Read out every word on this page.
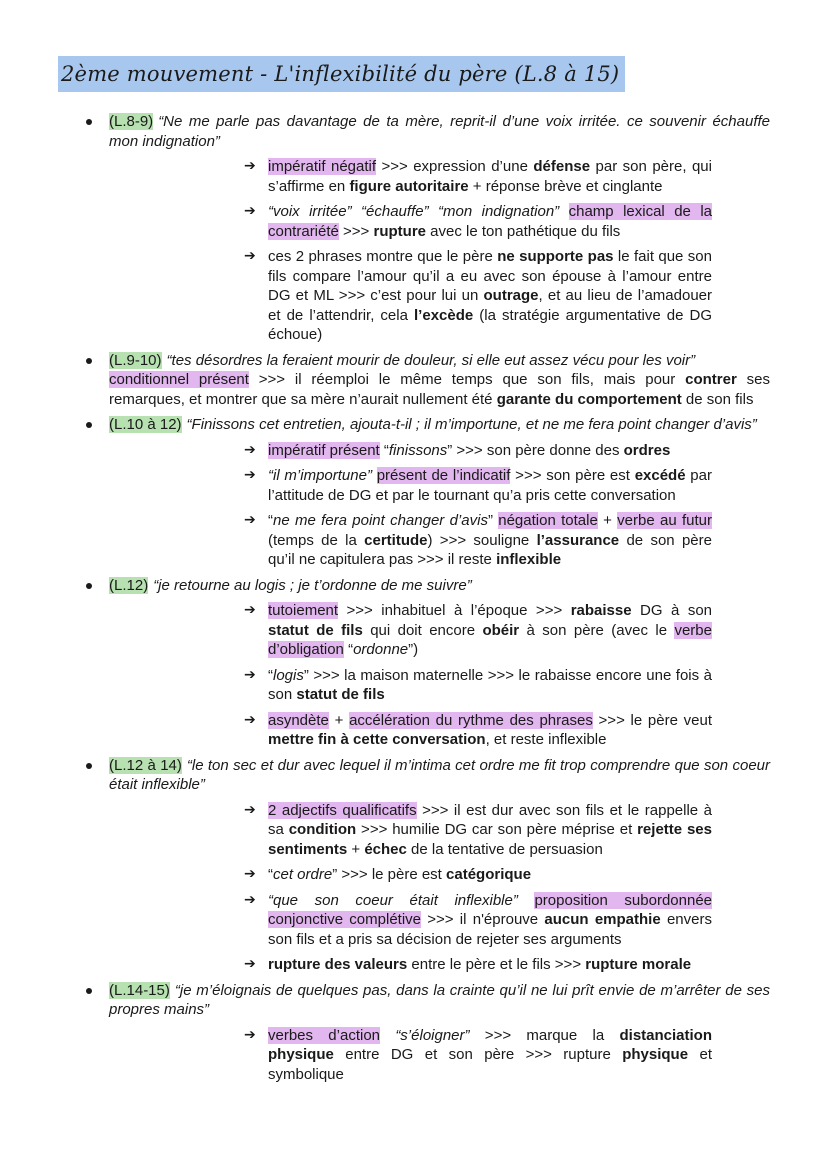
2ème mouvement - L'inflexibilité du père (L.8 à 15)
(L.8-9) “Ne me parle pas davantage de ta mère, reprit-il d’une voix irritée. ce souvenir échauffe mon indignation”
➔ impératif négatif >>> expression d’une défense par son père, qui s’affirme en figure autoritaire + réponse brève et cinglante
➔ “voix irritée” “échauffe” “mon indignation” champ lexical de la contrariété >>> rupture avec le ton pathétique du fils
➔ ces 2 phrases montre que le père ne supporte pas le fait que son fils compare l’amour qu’il a eu avec son épouse à l’amour entre DG et ML >>> c’est pour lui un outrage, et au lieu de l’amadouer et de l’attendrir, cela l’excède (la stratégie argumentative de DG échoue)
(L.9-10) “tes désordres la feraient mourir de douleur, si elle eut assez vécu pour les voir”
conditionnel présent >>> il réemploi le même temps que son fils, mais pour contrer ses remarques, et montrer que sa mère n’aurait nullement été garante du comportement de son fils
(L.10 à 12) “Finissons cet entretien, ajouta-t-il ; il m’importune, et ne me fera point changer d’avis”
➔ impératif présent “finissons” >>> son père donne des ordres
➔ “il m’importune” présent de l’indicatif >>> son père est excédé par l’attitude de DG et par le tournant qu’a pris cette conversation
➔ “ne me fera point changer d’avis” négation totale + verbe au futur (temps de la certitude) >>> souligne l’assurance de son père qu’il ne capitulera pas >>> il reste inflexible
(L.12) “je retourne au logis ; je t’ordonne de me suivre”
➔ tutoiement >>> inhabituel à l’époque >>> rabaisse DG à son statut de fils qui doit encore obéir à son père (avec le verbe d’obligation “ordonne”)
➔ “logis” >>> la maison maternelle >>> le rabaisse encore une fois à son statut de fils
➔ asyndète + accélération du rythme des phrases >>> le père veut mettre fin à cette conversation, et reste inflexible
(L.12 à 14) “le ton sec et dur avec lequel il m’intima cet ordre me fit trop comprendre que son coeur était inflexible”
➔ 2 adjectifs qualificatifs >>> il est dur avec son fils et le rappelle à sa condition >>> humilie DG car son père méprise et rejette ses sentiments + échec de la tentative de persuasion
➔ “cet ordre” >>> le père est catégorique
➔ “que son coeur était inflexible” proposition subordonnée conjonctive complétive >>> il n'éprouve aucun empathie envers son fils et a pris sa décision de rejeter ses arguments
➔ rupture des valeurs entre le père et le fils >>> rupture morale
(L.14-15) “je m’éloignais de quelques pas, dans la crainte qu’il ne lui prît envie de m’arrêter de ses propres mains”
➔ verbes d’action “s’éloigner” >>> marque la distanciation physique entre DG et son père >>> rupture physique et symbolique
